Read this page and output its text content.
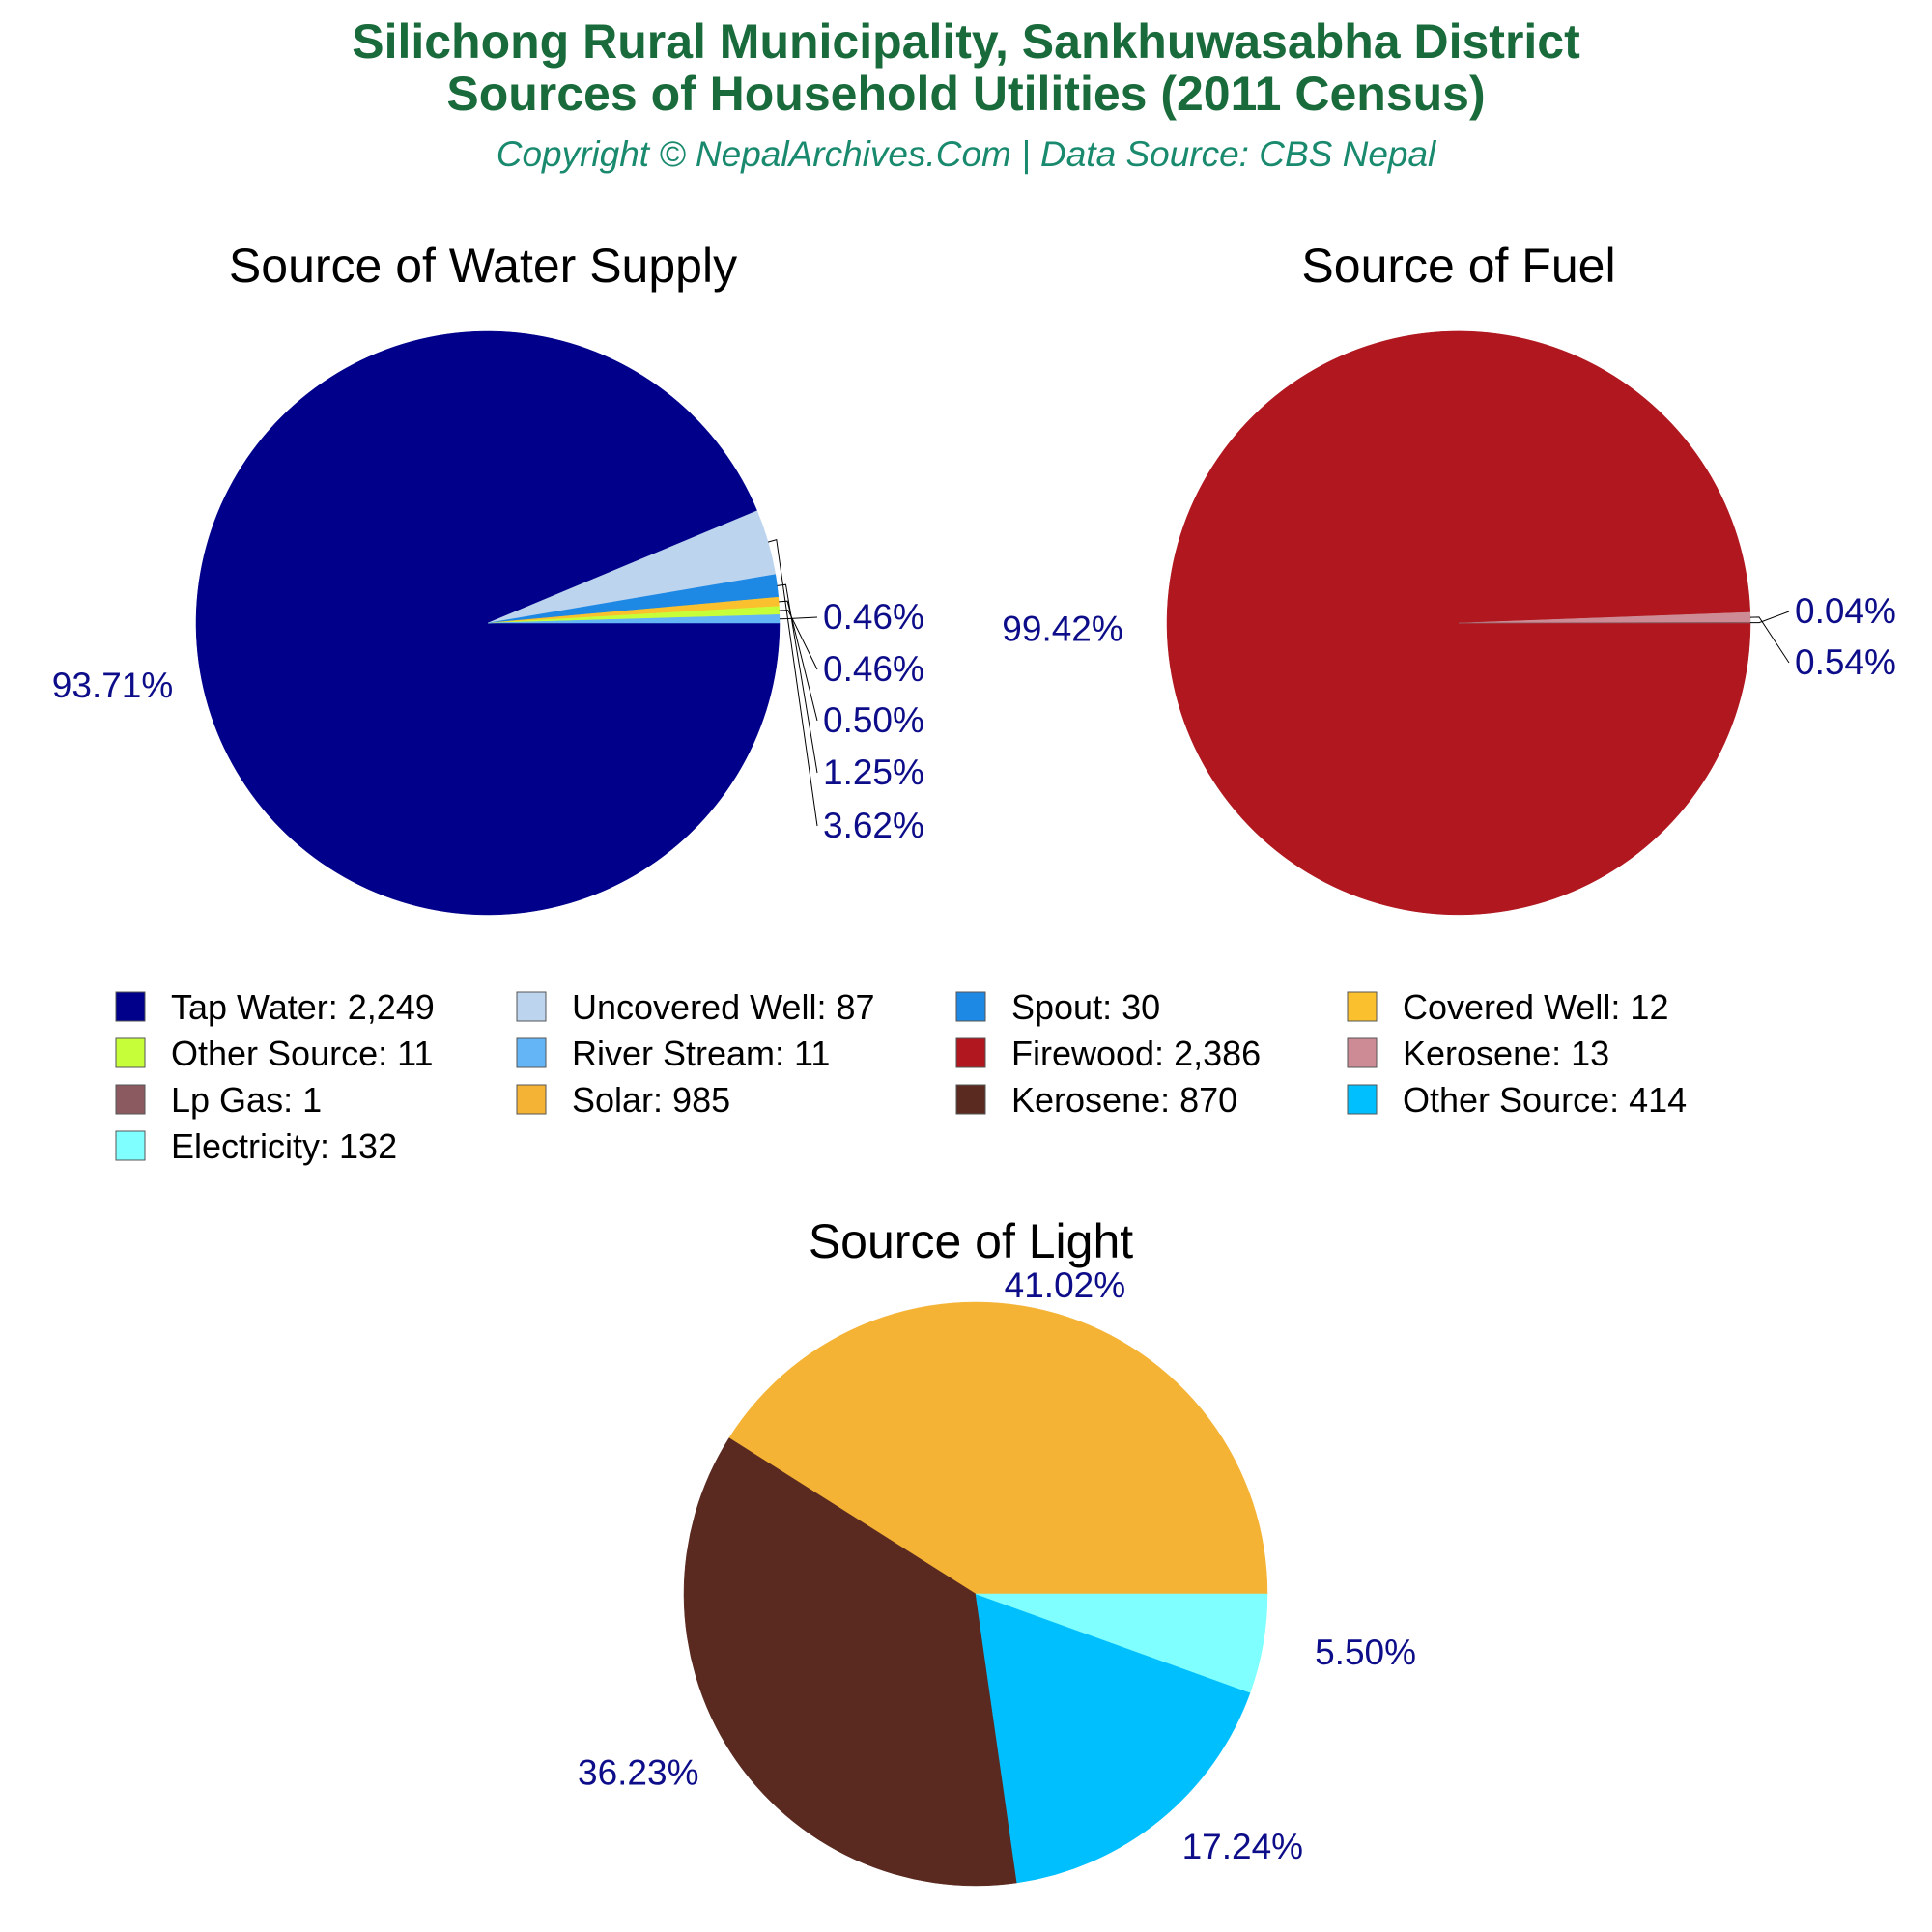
Silichong Rural Municipality, Sankhuwasabha District
Sources of Household Utilities (2011 Census)
Copyright © NepalArchives.Com | Data Source: CBS Nepal
Source of Water Supply	Source of Fuel
Source of Light
93.71%
3.62%
1.25%
0.50%
0.46%
0.46% 99.42%
0.54%
0.04%
41.02%
36.23%
17.24%
5.50%
Tap Water: 2,249	Uncovered Well: 87	Spout: 30	Covered Well: 12
Other Source: 11	River Stream: 11	Firewood: 2,386	Kerosene: 13
Lp Gas: 1	Solar: 985	Kerosene: 870	Other Source: 414
Electricity: 132
